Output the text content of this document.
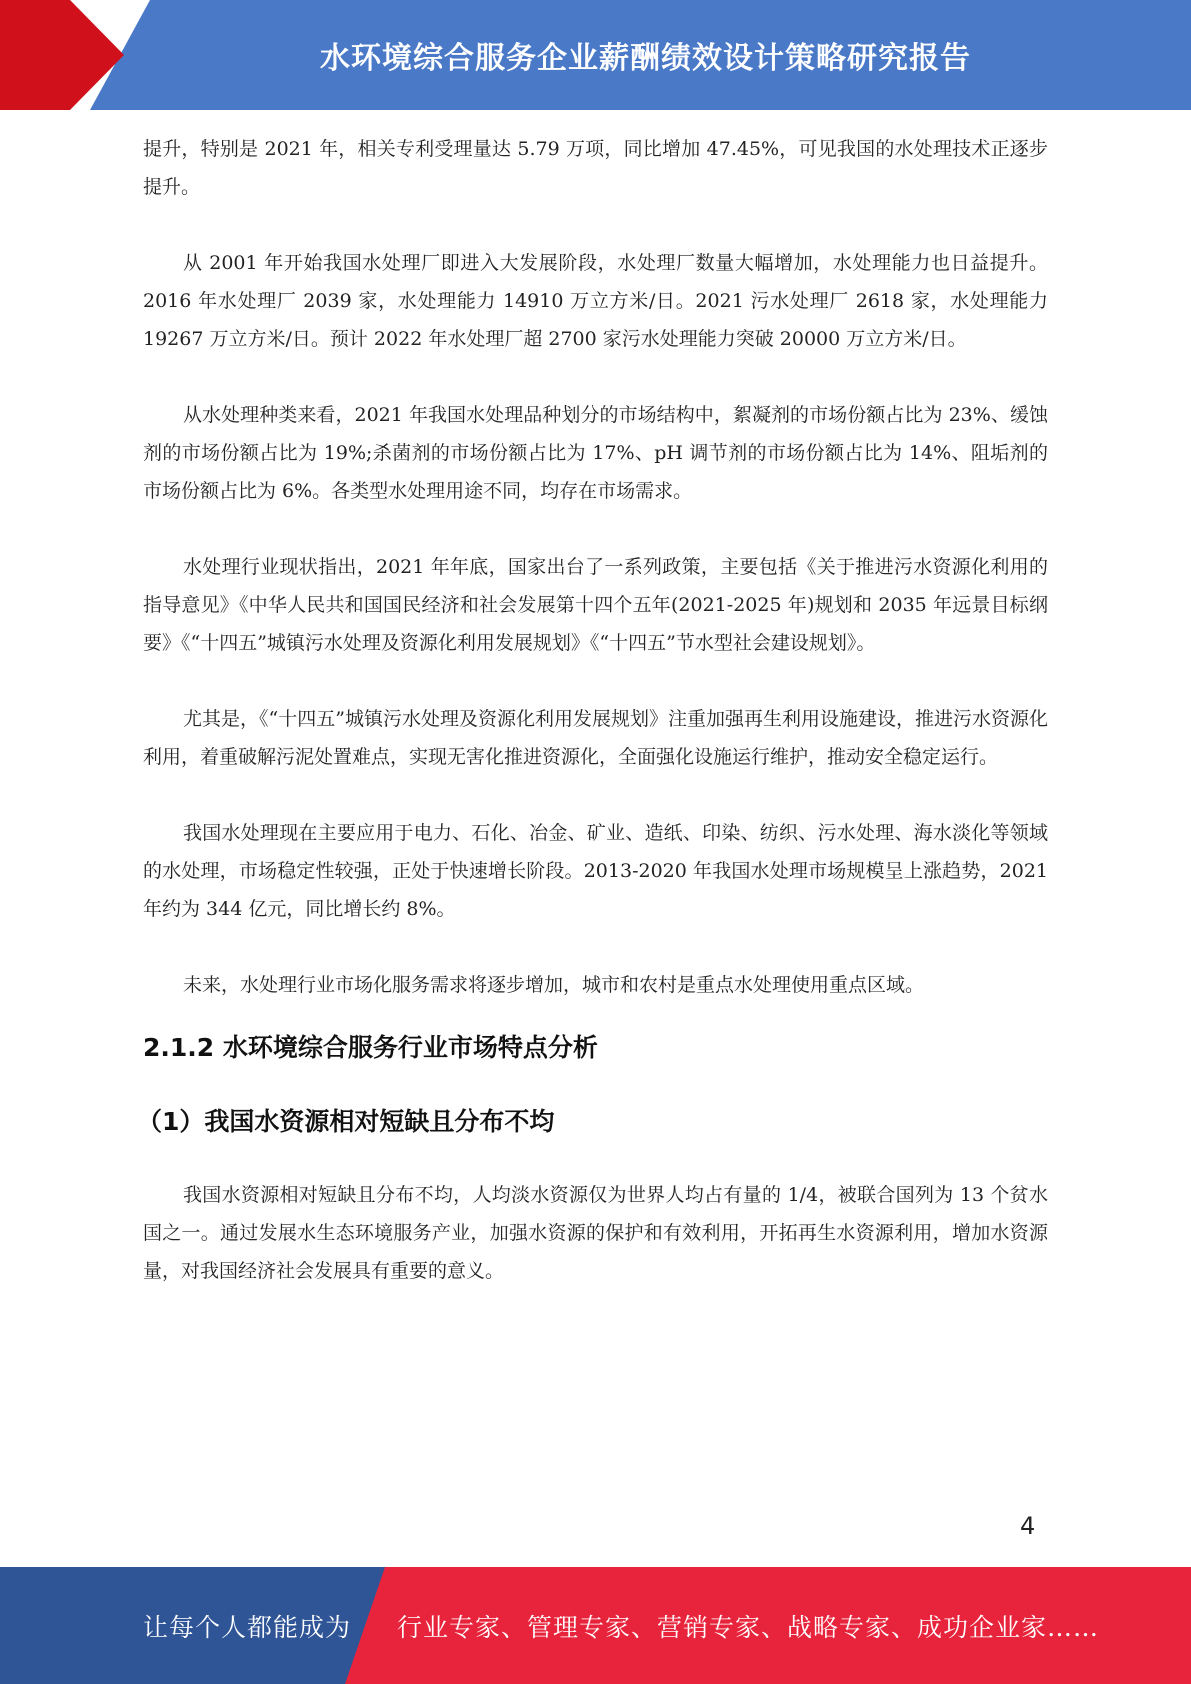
水环境综合服务企业薪酬绩效设计策略研究报告

提升，特别是 2021 年，相关专利受理量达 5.79 万项，同比增加 47.45%，可见我国的水处理技术正逐步提升。

从 2001 年开始我国水处理厂即进入大发展阶段，水处理厂数量大幅增加，水处理能力也日益提升。2016 年水处理厂 2039 家，水处理能力 14910 万立方米/日。2021 污水处理厂 2618 家，水处理能力 19267 万立方米/日。预计 2022 年水处理厂超 2700 家污水处理能力突破 20000 万立方米/日。

从水处理种类来看，2021 年我国水处理品种划分的市场结构中，絮凝剂的市场份额占比为 23%、缓蚀剂的市场份额占比为 19%;杀菌剂的市场份额占比为 17%、pH 调节剂的市场份额占比为 14%、阻垢剂的市场份额占比为 6%。各类型水处理用途不同，均存在市场需求。

水处理行业现状指出，2021 年年底，国家出台了一系列政策，主要包括《关于推进污水资源化利用的指导意见》《中华人民共和国国民经济和社会发展第十四个五年(2021-2025 年)规划和 2035 年远景目标纲要》《“十四五”城镇污水处理及资源化利用发展规划》《“十四五”节水型社会建设规划》。

尤其是，《“十四五”城镇污水处理及资源化利用发展规划》注重加强再生利用设施建设，推进污水资源化利用，着重破解污泥处置难点，实现无害化推进资源化，全面强化设施运行维护，推动安全稳定运行。

我国水处理现在主要应用于电力、石化、冶金、矿业、造纸、印染、纺织、污水处理、海水淡化等领域的水处理，市场稳定性较强，正处于快速增长阶段。2013-2020 年我国水处理市场规模呈上涨趋势，2021 年约为 344 亿元，同比增长约 8%。

未来，水处理行业市场化服务需求将逐步增加，城市和农村是重点水处理使用重点区域。

2.1.2 水环境综合服务行业市场特点分析
（1）我国水资源相对短缺且分布不均

我国水资源相对短缺且分布不均，人均淡水资源仅为世界人均占有量的 1/4，被联合国列为 13 个贫水国之一。通过发展水生态环境服务产业，加强水资源的保护和有效利用，开拓再生水资源利用，增加水资源量，对我国经济社会发展具有重要的意义。

4
让每个人都能成为 行业专家、管理专家、营销专家、战略专家、成功企业家……
